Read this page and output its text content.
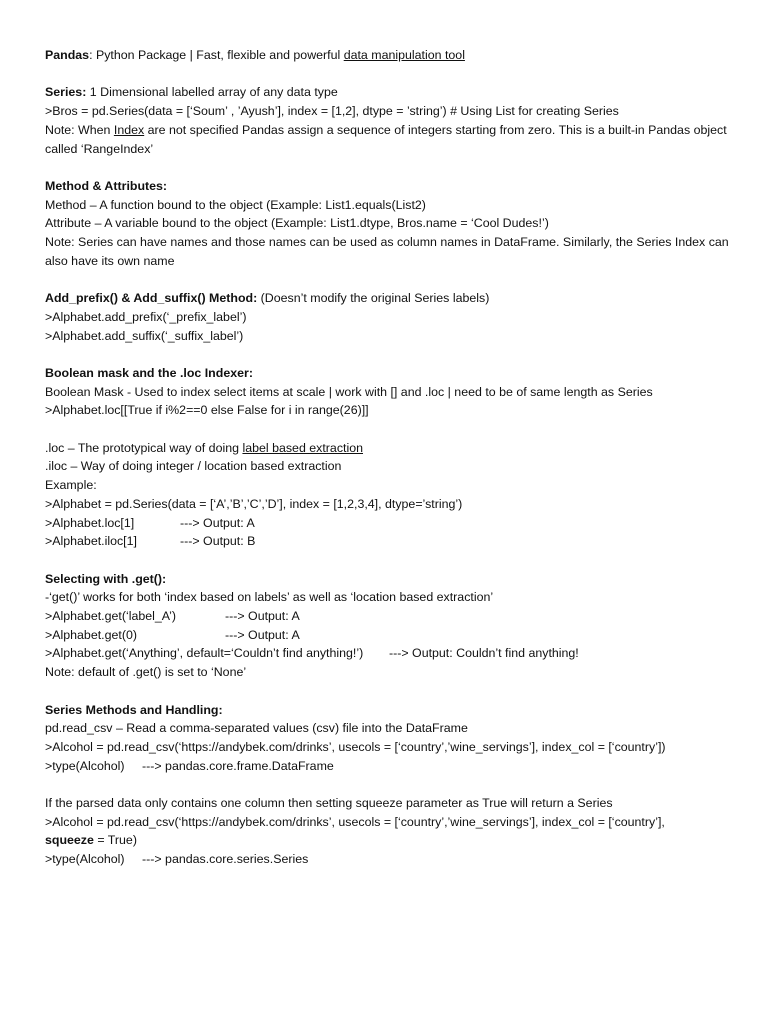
Pandas: Python Package | Fast, flexible and powerful data manipulation tool
Series: 1 Dimensional labelled array of any data type
>Bros = pd.Series(data = [‘Soum’ , ’Ayush’], index = [1,2], dtype = ’string’) # Using List for creating Series
Note: When Index are not specified Pandas assign a sequence of integers starting from zero. This is a built-in Pandas object called ‘RangeIndex’
Method & Attributes:
Method – A function bound to the object (Example: List1.equals(List2)
Attribute – A variable bound to the object (Example: List1.dtype, Bros.name = ‘Cool Dudes!’)
Note: Series can have names and those names can be used as column names in DataFrame. Similarly, the Series Index can also have its own name
Add_prefix() & Add_suffix() Method: (Doesn’t modify the original Series labels)
>Alphabet.add_prefix(‘_prefix_label’)
>Alphabet.add_suffix(‘_suffix_label’)
Boolean mask and the .loc Indexer:
Boolean Mask - Used to index select items at scale | work with [] and .loc | need to be of same length as Series
>Alphabet.loc[[True if i%2==0 else False for i in range(26)]]
.loc – The prototypical way of doing label based extraction
.iloc – Way of doing integer / location based extraction
Example:
>Alphabet = pd.Series(data = [‘A’,’B’,’C’,’D’], index = [1,2,3,4], dtype=’string’)
>Alphabet.loc[1]	---> Output: A
>Alphabet.iloc[1]	---> Output: B
Selecting with .get():
-‘get()’ works for both ‘index based on labels’ as well as ‘location based extraction’
>Alphabet.get(‘label_A’)	---> Output: A
>Alphabet.get(0)	---> Output: A
>Alphabet.get(‘Anything’, default=‘Couldn’t find anything!’) ---> Output: Couldn’t find anything!
Note: default of .get() is set to ‘None’
Series Methods and Handling:
pd.read_csv – Read a comma-separated values (csv) file into the DataFrame
>Alcohol = pd.read_csv(‘https://andybek.com/drinks’, usecols = [‘country’,’wine_servings’], index_col = [‘country’])
>type(Alcohol) ---> pandas.core.frame.DataFrame
If the parsed data only contains one column then setting squeeze parameter as True will return a Series
>Alcohol = pd.read_csv(‘https://andybek.com/drinks’, usecols = [‘country’,’wine_servings’], index_col = [‘country’],
squeeze = True)
>type(Alcohol) ---> pandas.core.series.Series
